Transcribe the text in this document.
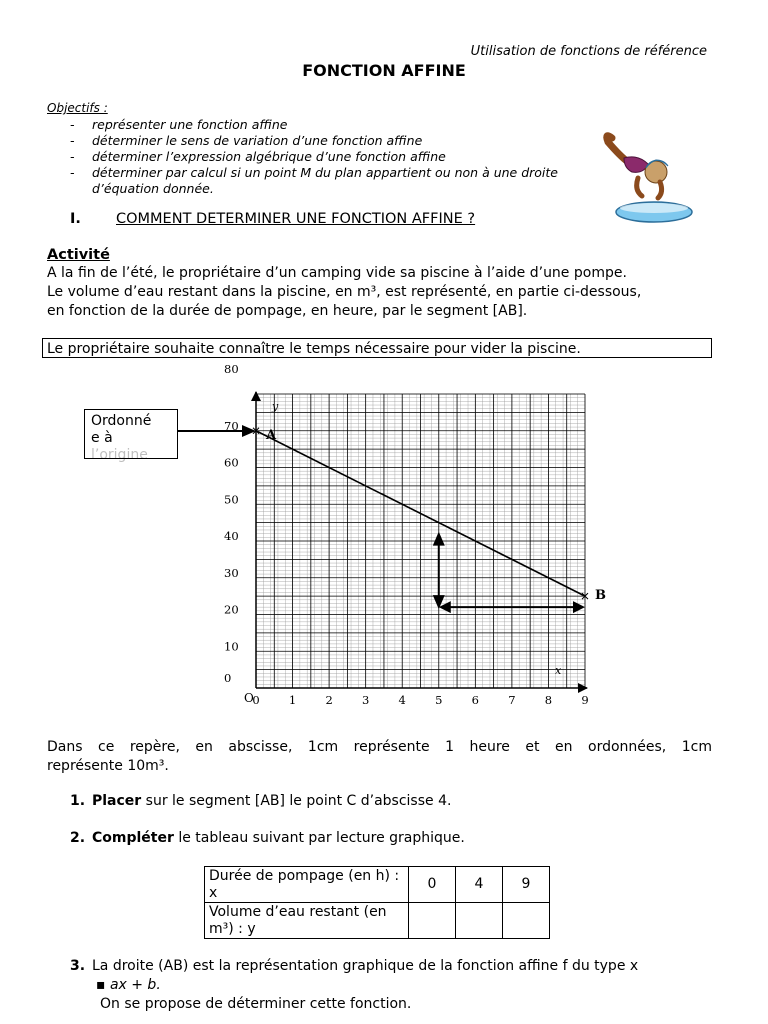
Utilisation de fonctions de référence
FONCTION AFFINE
Objectifs :
- représenter une fonction affine
- déterminer le sens de variation d’une fonction affine
- déterminer l’expression algébrique d’une fonction affine
- déterminer par calcul si un point M du plan appartient ou non à une droite d’équation donnée.
I. COMMENT DETERMINER UNE FONCTION AFFINE ?
Activité
A la fin de l’été, le propriétaire d’un camping vide sa piscine à l’aide d’une pompe.
Le volume d’eau restant dans la piscine, en m³, est représenté, en partie ci-dessous,
en fonction de la durée de pompage, en heure, par le segment [AB].
Le propriétaire souhaite connaître le temps nécessaire pour vider la piscine.
x
y
O
0	1	2	3	4	5	6	7	8	9
0
10
20
30
40
50
60
70
80
A
B
Ordonné
e à
l’origine
Dans ce repère, en abscisse, 1cm représente 1 heure et en ordonnées, 1cm
représente 10m³.
1. Placer sur le segment [AB] le point C d’abscisse 4.
2. Compléter le tableau suivant par lecture graphique.
Durée de pompage (en h) : x	0	4	9
Volume d’eau restant (en m³) : y			
3. La droite (AB) est la représentation graphique de la fonction affine f du type x
▪ ax + b.
On se propose de déterminer cette fonction.
